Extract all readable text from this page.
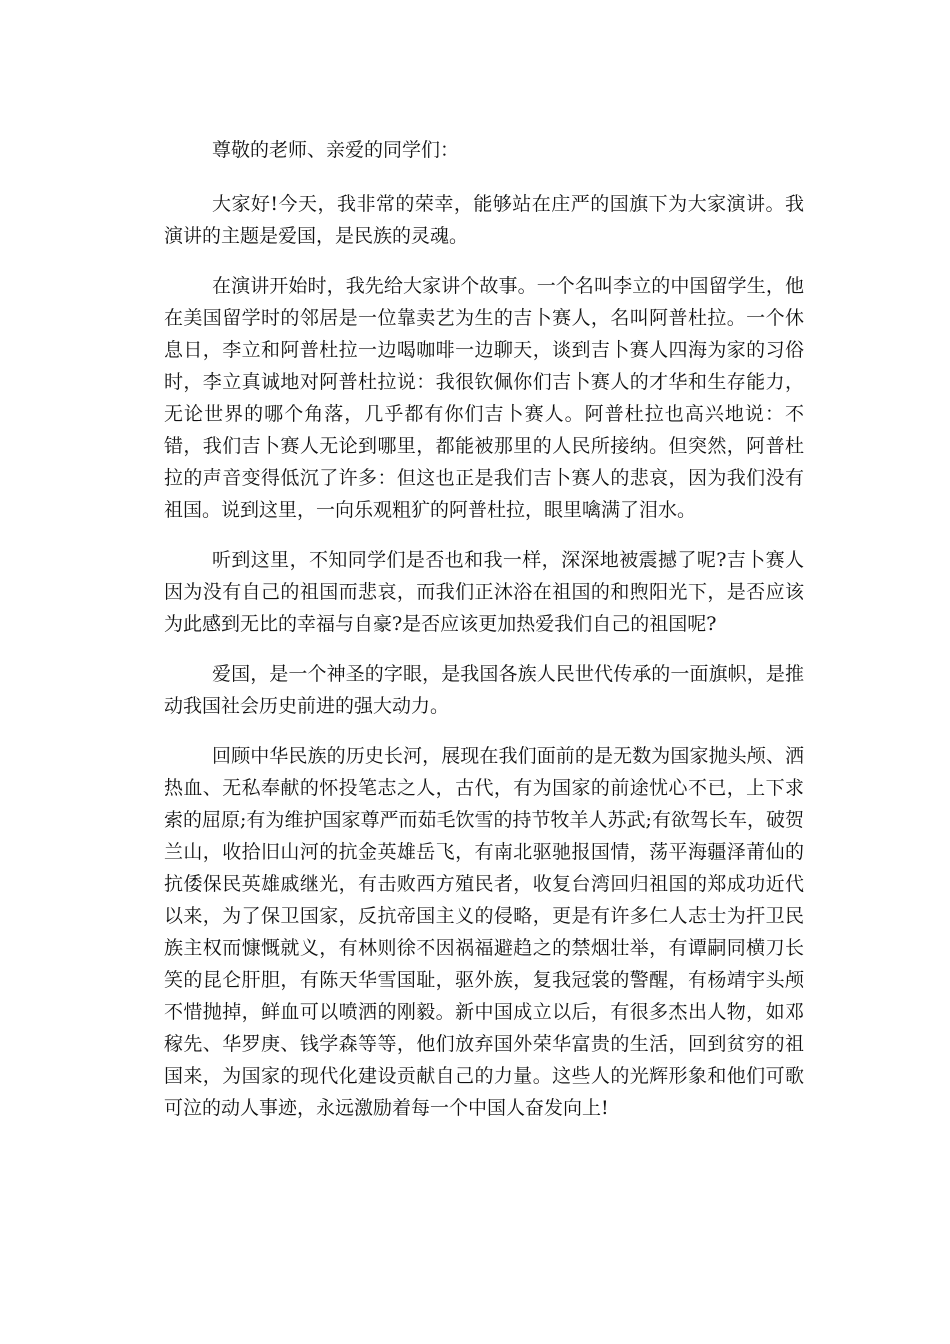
尊敬的老师、亲爱的同学们：

大家好!今天，我非常的荣幸，能够站在庄严的国旗下为大家演讲。我演讲的主题是爱国，是民族的灵魂。

在演讲开始时，我先给大家讲个故事。一个名叫李立的中国留学生，他在美国留学时的邻居是一位靠卖艺为生的吉卜赛人，名叫阿普杜拉。一个休息日，李立和阿普杜拉一边喝咖啡一边聊天，谈到吉卜赛人四海为家的习俗时，李立真诚地对阿普杜拉说：我很钦佩你们吉卜赛人的才华和生存能力，无论世界的哪个角落，几乎都有你们吉卜赛人。阿普杜拉也高兴地说：不错，我们吉卜赛人无论到哪里，都能被那里的人民所接纳。但突然，阿普杜拉的声音变得低沉了许多：但这也正是我们吉卜赛人的悲哀，因为我们没有祖国。说到这里，一向乐观粗犷的阿普杜拉，眼里噙满了泪水。

听到这里，不知同学们是否也和我一样，深深地被震撼了呢?吉卜赛人因为没有自己的祖国而悲哀，而我们正沐浴在祖国的和煦阳光下，是否应该为此感到无比的幸福与自豪?是否应该更加热爱我们自己的祖国呢?

爱国，是一个神圣的字眼，是我国各族人民世代传承的一面旗帜，是推动我国社会历史前进的强大动力。

回顾中华民族的历史长河，展现在我们面前的是无数为国家抛头颅、洒热血、无私奉献的怀投笔志之人，古代，有为国家的前途忧心不已，上下求索的屈原;有为维护国家尊严而茹毛饮雪的持节牧羊人苏武;有欲驾长车，破贺兰山，收拾旧山河的抗金英雄岳飞，有南北驱驰报国情，荡平海疆泽莆仙的抗倭保民英雄戚继光，有击败西方殖民者，收复台湾回归祖国的郑成功近代以来，为了保卫国家，反抗帝国主义的侵略，更是有许多仁人志士为扞卫民族主权而慷慨就义，有林则徐不因祸福避趋之的禁烟壮举，有谭嗣同横刀长笑的昆仑肝胆，有陈天华雪国耻，驱外族，复我冠裳的警醒，有杨靖宇头颅不惜抛掉，鲜血可以喷洒的刚毅。新中国成立以后，有很多杰出人物，如邓稼先、华罗庚、钱学森等等，他们放弃国外荣华富贵的生活，回到贫穷的祖国来，为国家的现代化建设贡献自己的力量。这些人的光辉形象和他们可歌可泣的动人事迹，永远激励着每一个中国人奋发向上!
